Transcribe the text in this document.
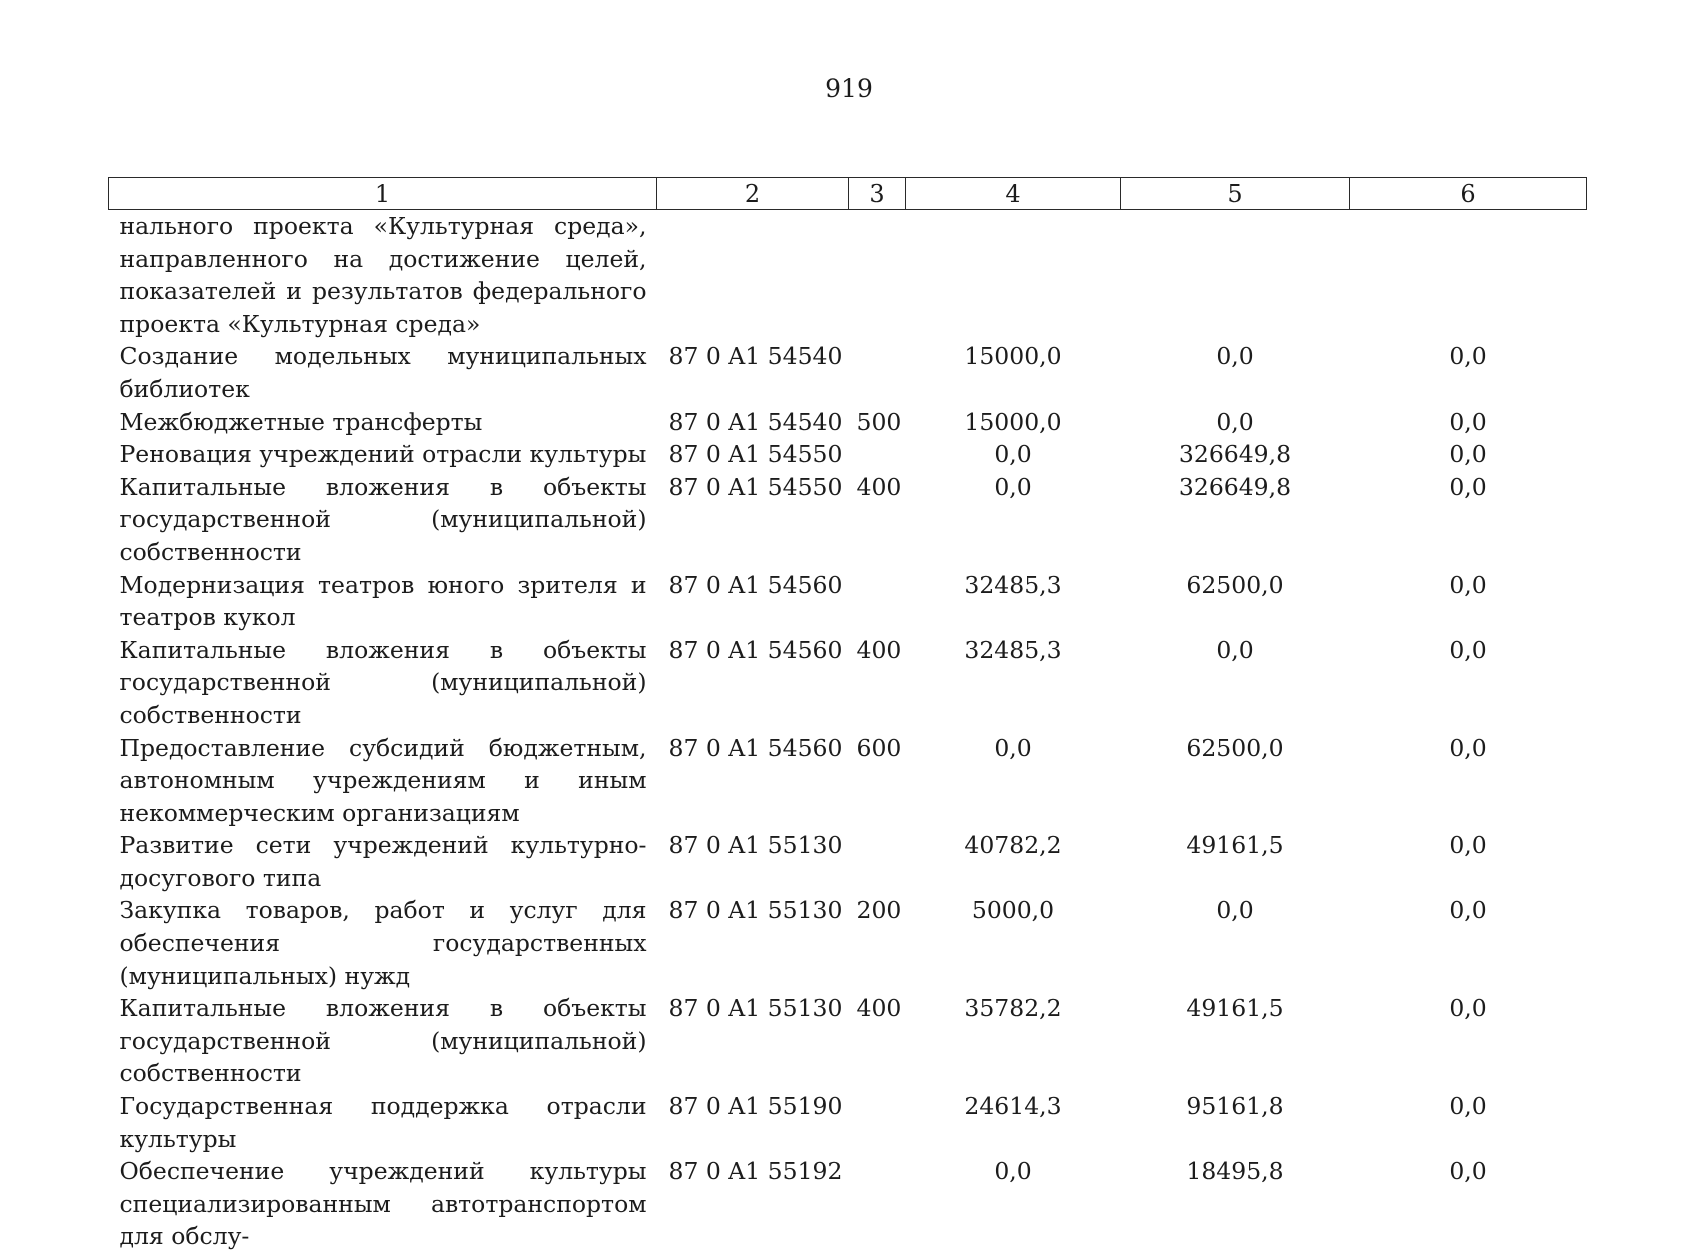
919
1	2	3	4	5	6
нального проекта «Культурная среда», направленного на достижение целей, показателей и результатов федерального проекта «Культурная среда»					
Создание модельных муниципальных библиотек	87 0 A1 54540		15000,0	0,0	0,0
Межбюджетные трансферты	87 0 A1 54540	500	15000,0	0,0	0,0
Реновация учреждений отрасли культуры	87 0 A1 54550		0,0	326649,8	0,0
Капитальные вложения в объекты государственной (муниципальной) собственности	87 0 A1 54550	400	0,0	326649,8	0,0
Модернизация театров юного зрителя и театров кукол	87 0 A1 54560		32485,3	62500,0	0,0
Капитальные вложения в объекты государственной (муниципальной) собственности	87 0 A1 54560	400	32485,3	0,0	0,0
Предоставление субсидий бюджетным, автономным учреждениям и иным некоммерческим организациям	87 0 A1 54560	600	0,0	62500,0	0,0
Развитие сети учреждений культурно-досугового типа	87 0 A1 55130		40782,2	49161,5	0,0
Закупка товаров, работ и услуг для обеспечения государственных (муниципальных) нужд	87 0 A1 55130	200	5000,0	0,0	0,0
Капитальные вложения в объекты государственной (муниципальной) собственности	87 0 A1 55130	400	35782,2	49161,5	0,0
Государственная поддержка отрасли культуры	87 0 A1 55190		24614,3	95161,8	0,0
Обеспечение учреждений культуры специализированным автотранспортом для обслу-	87 0 A1 55192		0,0	18495,8	0,0
